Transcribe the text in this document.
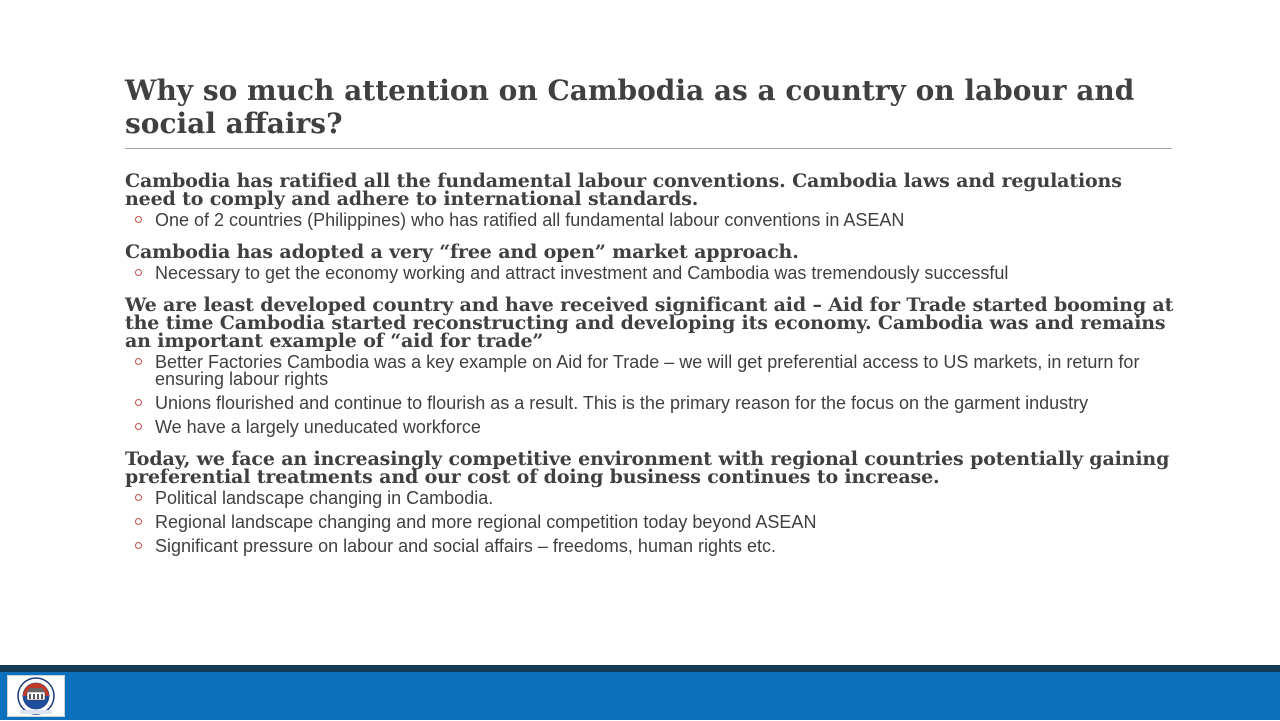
Why so much attention on Cambodia as a country on labour and social affairs?

Cambodia has ratified all the fundamental labour conventions. Cambodia laws and regulations need to comply and adhere to international standards.

One of 2 countries (Philippines) who has ratified all fundamental labour conventions in ASEAN

Cambodia has adopted a very “free and open” market approach.

Necessary to get the economy working and attract investment and Cambodia was tremendously successful

We are least developed country and have received significant aid – Aid for Trade started booming at the time Cambodia started reconstructing and developing its economy. Cambodia was and remains an important example of “aid for trade”

Better Factories Cambodia was a key example on Aid for Trade – we will get preferential access to US markets, in return for ensuring labour rights
Unions flourished and continue to flourish as a result. This is the primary reason for the focus on the garment industry
We have a largely uneducated workforce

Today, we face an increasingly competitive environment with regional countries potentially gaining preferential treatments and our cost of doing business continues to increase.

Political landscape changing in Cambodia.
Regional landscape changing and more regional competition today beyond ASEAN
Significant pressure on labour and social affairs – freedoms, human rights etc.
